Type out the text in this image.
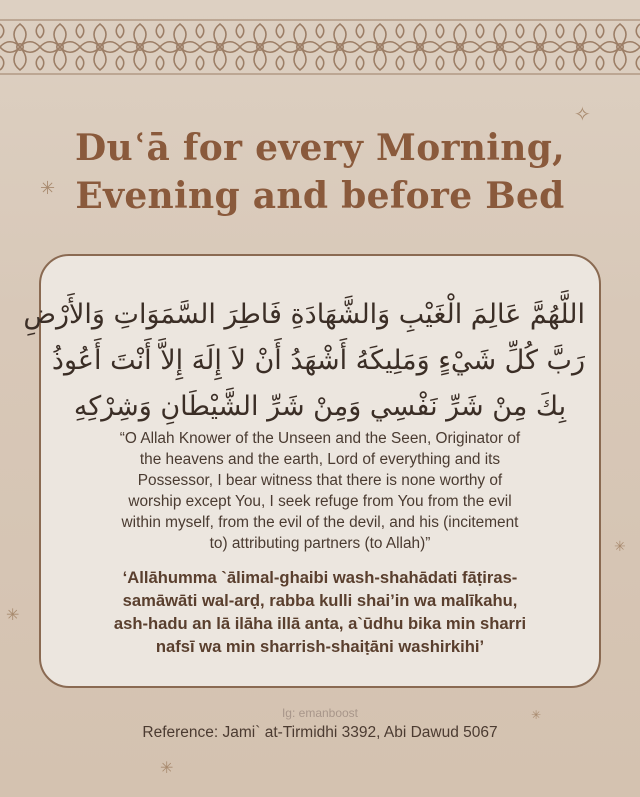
✧
✳
✳
✳
✳
✳
Duʿā for every Morning,
Evening and before Bed
اللَّهُمَّ عَالِمَ الْغَيْبِ وَالشَّهَادَةِ فَاطِرَ السَّمَوَاتِ وَالأَرْضِ
رَبَّ كُلِّ شَيْءٍ وَمَلِيكَهُ أَشْهَدُ أَنْ لاَ إِلَهَ إِلاَّ أَنْتَ أَعُوذُ
بِكَ مِنْ شَرِّ نَفْسِي وَمِنْ شَرِّ الشَّيْطَانِ وَشِرْكِهِ
“O Allah Knower of the Unseen and the Seen, Originator of
the heavens and the earth, Lord of everything and its
Possessor, I bear witness that there is none worthy of
worship except You, I seek refuge from You from the evil
within myself, from the evil of the devil, and his (incitement
to) attributing partners (to Allah)”
‘Allāhumma `ālimal-ghaibi wash-shahādati fāṭiras-
samāwāti wal-arḍ, rabba kulli shai’in wa malīkahu,
ash-hadu an lā ilāha illā anta, a`ūdhu bika min sharri
nafsī wa min sharrish-shaiṭāni washirkihi’
Ig: emanboost
Reference: Jami` at-Tirmidhi 3392, Abi Dawud 5067
